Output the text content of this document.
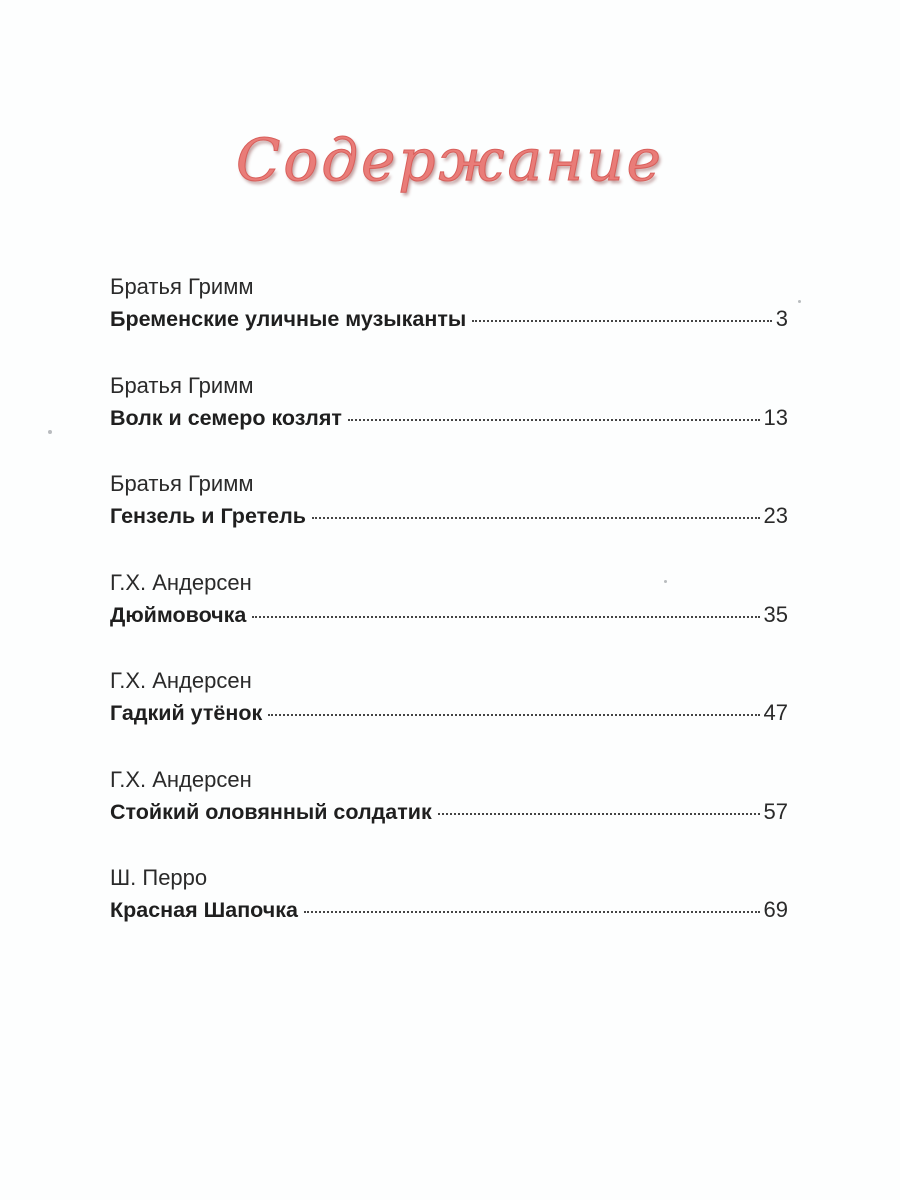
Содержание
Братья Гримм
Бременские уличные музыканты	3
Братья Гримм
Волк и семеро козлят	13
Братья Гримм
Гензель и Гретель	23
Г.Х. Андерсен
Дюймовочка	35
Г.Х. Андерсен
Гадкий утёнок	47
Г.Х. Андерсен
Стойкий оловянный солдатик	57
Ш. Перро
Красная Шапочка	69
